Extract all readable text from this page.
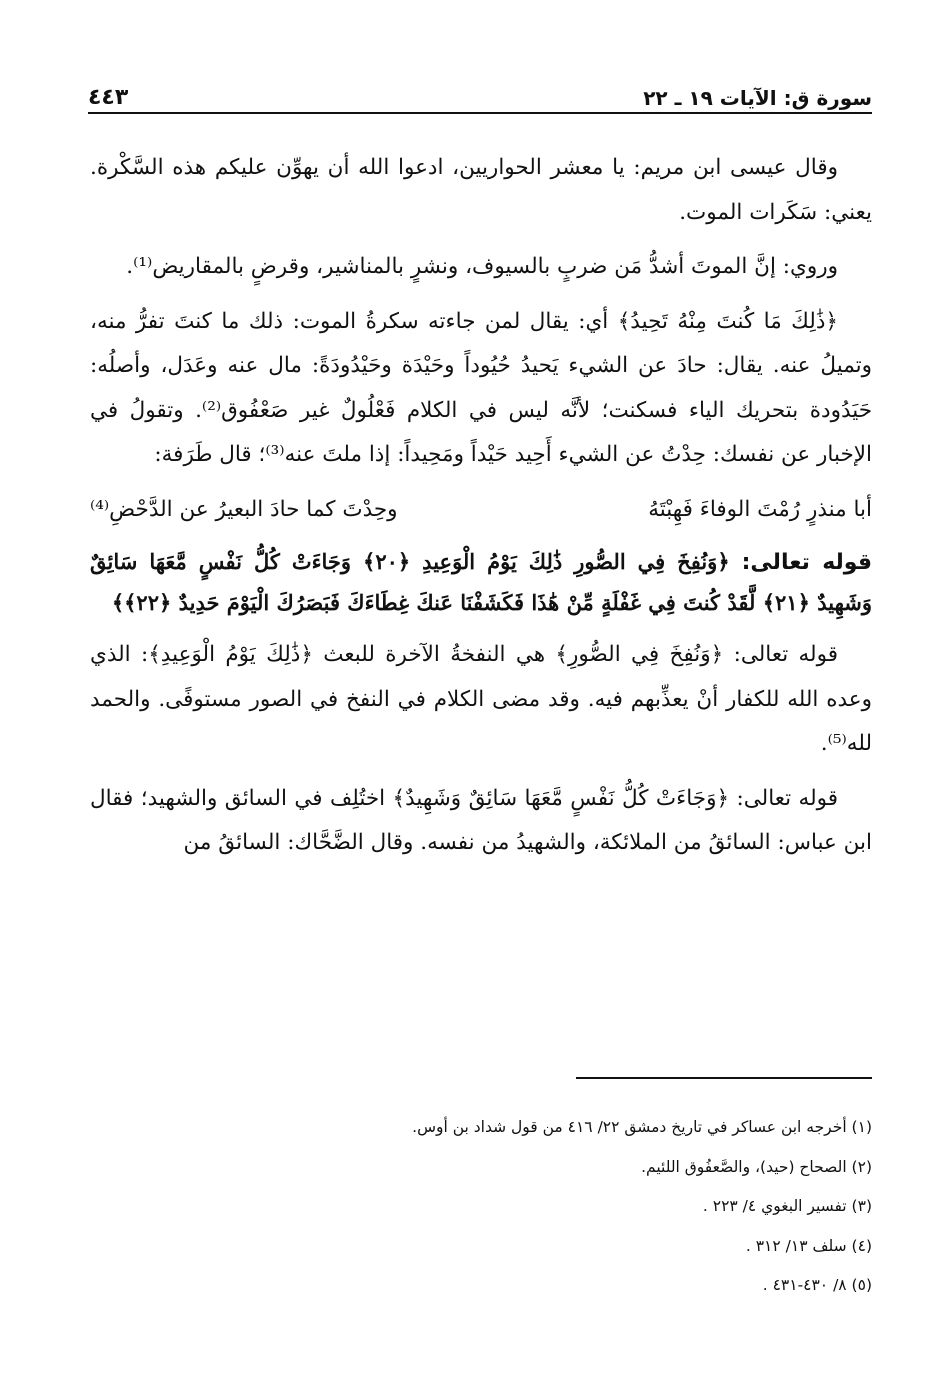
سورة ق: الآيات ١٩ ـ ٢٢
٤٤٣

وقال عيسى ابن مريم: يا معشر الحواريين، ادعوا الله أن يهوِّن عليكم هذه السَّكْرة. يعني: سَكَرات الموت.

وروي: إنَّ الموتَ أشدُّ مَن ضربٍ بالسيوف، ونشرٍ بالمناشير، وقرضٍ بالمقاريض⁽¹⁾.

﴿ذَٰلِكَ مَا كُنتَ مِنْهُ تَحِيدُ﴾ أي: يقال لمن جاءته سكرةُ الموت: ذلك ما كنتَ تفرُّ منه، وتميلُ عنه. يقال: حادَ عن الشيء يَحيدُ حُيُوداً وحَيْدَة وحَيْدُودَةً: مال عنه وعَدَل، وأصلُه: حَيَدُودة بتحريك الياء فسكنت؛ لأنَّه ليس في الكلام فَعْلُولٌ غير صَعْفُوق⁽²⁾. وتقولُ في الإخبار عن نفسك: حِدْتُ عن الشيء أَحِيد حَيْداً ومَحِيداً: إذا ملتَ عنه⁽³⁾؛ قال طَرَفة:

أبا منذرٍ رُمْتَ الوفاءَ فَهِبْتَهُ
وحِدْتَ كما حادَ البعيرُ عن الدَّحْضِ⁽⁴⁾

قوله تعالى: ﴿وَنُفِخَ فِي الصُّورِ ذَٰلِكَ يَوْمُ الْوَعِيدِ ﴿٢٠﴾ وَجَاءَتْ كُلُّ نَفْسٍ مَّعَهَا سَائِقٌ وَشَهِيدٌ ﴿٢١﴾ لَّقَدْ كُنتَ فِي غَفْلَةٍ مِّنْ هَٰذَا فَكَشَفْنَا عَنكَ غِطَاءَكَ فَبَصَرُكَ الْيَوْمَ حَدِيدٌ ﴿٢٢﴾﴾

قوله تعالى: ﴿وَنُفِخَ فِي الصُّورِ﴾ هي النفخةُ الآخرة للبعث ﴿ذَٰلِكَ يَوْمُ الْوَعِيدِ﴾: الذي وعده الله للكفار أنْ يعذِّبهم فيه. وقد مضى الكلام في النفخ في الصور مستوفًى. والحمد لله⁽⁵⁾.

قوله تعالى: ﴿وَجَاءَتْ كُلُّ نَفْسٍ مَّعَهَا سَائِقٌ وَشَهِيدٌ﴾ اختُلِف في السائق والشهيد؛ فقال ابن عباس: السائقُ من الملائكة، والشهيدُ من نفسه. وقال الضَّحَّاك: السائقُ من

(١) أخرجه ابن عساكر في تاريخ دمشق ٢٢/ ٤١٦ من قول شداد بن أوس.
(٢) الصحاح (حيد)، والصَّعفُوق اللئيم.
(٣) تفسير البغوي ٤/ ٢٢٣ .
(٤) سلف ١٣/ ٣١٢ .
(٥) ٨/ ٤٣٠-٤٣١ .
